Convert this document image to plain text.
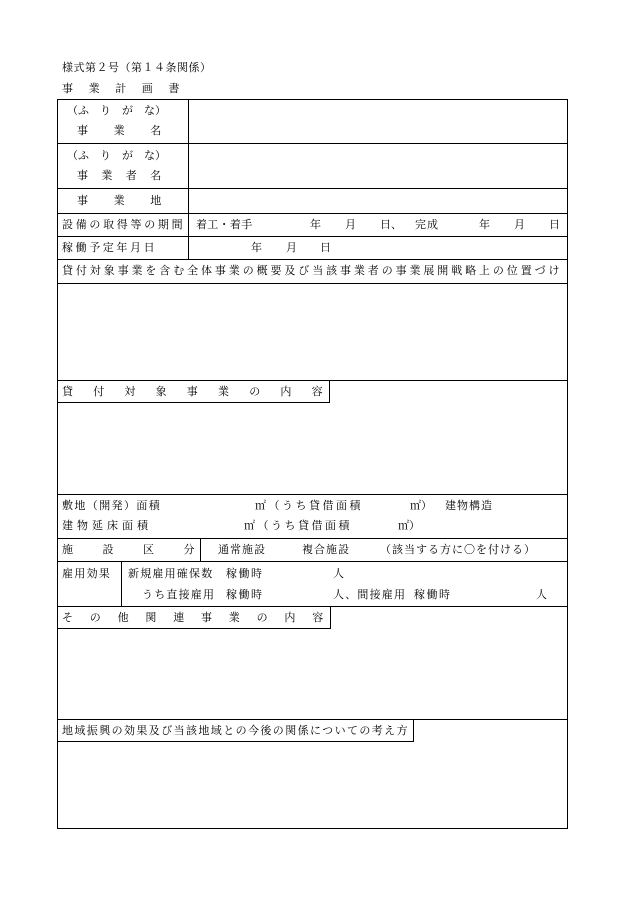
様式第２号（第１４条関係）
事　業　計　画　書
（ふ　り　が　な）
事　　業　　名
（ふ　り　が　な）
事　業　者　名
事　　業　　地
設備の取得等の期間 着工・着手	年 月 日、 完成	年 月 日
稼働予定年月日	年 月 日
貸付対象事業を含む全体事業の概要及び当該事業者の事業展開戦略上の位置づけ
貸　付　対　象　事　業　の　内　容
敷地（開発）面積	㎡（うち貸借面積	㎡） 建物構造
建物延床面積	㎡（うち貸借面積	㎡）
施　　設　　区　　分 通常施設	複合施設	（該当する方に〇を付ける）
雇用効果 新規雇用確保数 稼働時	人
うち直接雇用 稼働時	人、間接雇用 稼働時	人
そ　の　他　関　連　事　業　の　内　容
地域振興の効果及び当該地域との今後の関係についての考え方
